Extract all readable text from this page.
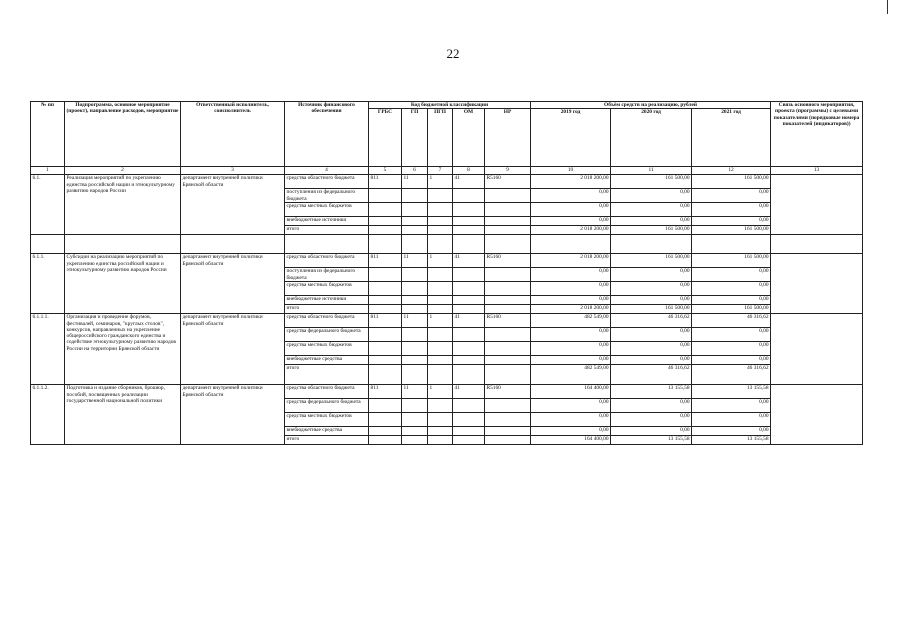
22
№ пп	Подпрограмма, основное мероприятие (проект), направление расходов, мероприятие	Ответственный исполнитель, соисполнитель	Источник финансового обеспечения	Код бюджетной классификации					Объём средств на реализацию, рублей			Связь основного мероприятия, проекта (программы) с целевыми показателями (порядковые номера показателей (индикаторов))
				ГРБС	ГП	ПГП	ОМ	НР	2019 год	2020 год	2021 год	
1	2	3	4	5	6	7	8	9	10	11	12	13
6.1.	Реализация мероприятий по укреплению единства российской нации и этнокультурному развитию народов России	департамент внутренней политики Брянской области	средства областного бюджета	811	11	1	41	R5160	2 018 200,00	161 500,00	161 500,00	
			поступления из федерального бюджета						0,00	0,00	0,00	
			средства местных бюджетов						0,00	0,00	0,00	
			внебюджетные источники						0,00	0,00	0,00	
			итого						2 018 200,00	161 500,00	161 500,00	

6.1.1.	Субсидии на реализацию мероприятий по укреплению единства российской нации и этнокультурному развитию народов России	департамент внутренней политики Брянской области	средства областного бюджета	811	11	1	41	R5160	2 018 200,00	161 500,00	161 500,00	
			поступления из федерального бюджета						0,00	0,00	0,00	
			средства местных бюджетов						0,00	0,00	0,00	
			внебюджетные источники						0,00	0,00	0,00	
			итого						2 018 200,00	161 500,00	161 500,00	
6.1.1.1.	Организация и проведение форумов, фестивалей, семинаров, "круглых столов", конкурсов, направленных на укрепление общероссийского гражданского единства и содействие этнокультурному развитию народов России на территории Брянской области	департамент внутренней политики Брянской области	средства областного бюджета	811	11	1	41	R5160	482 549,00	46 316,62	46 316,62	
			средства федерального бюджета						0,00	0,00	0,00	
			средства местных бюджетов						0,00	0,00	0,00	
			внебюджетные средства						0,00	0,00	0,00	
			итого						482 549,00	46 316,62	46 316,62	
6.1.1.2.	Подготовка и издание сборников, брошюр, пособий, посвященных реализации государственной национальной политики	департамент внутренней политики Брянской области	средства областного бюджета	811	11	1	41	R5160	164 400,00	13 155,58	13 155,58	
			средства федерального бюджета						0,00	0,00	0,00	
			средства местных бюджетов						0,00	0,00	0,00	
			внебюджетные средства						0,00	0,00	0,00	
			итого						164 400,00	13 155,58	13 155,58	
